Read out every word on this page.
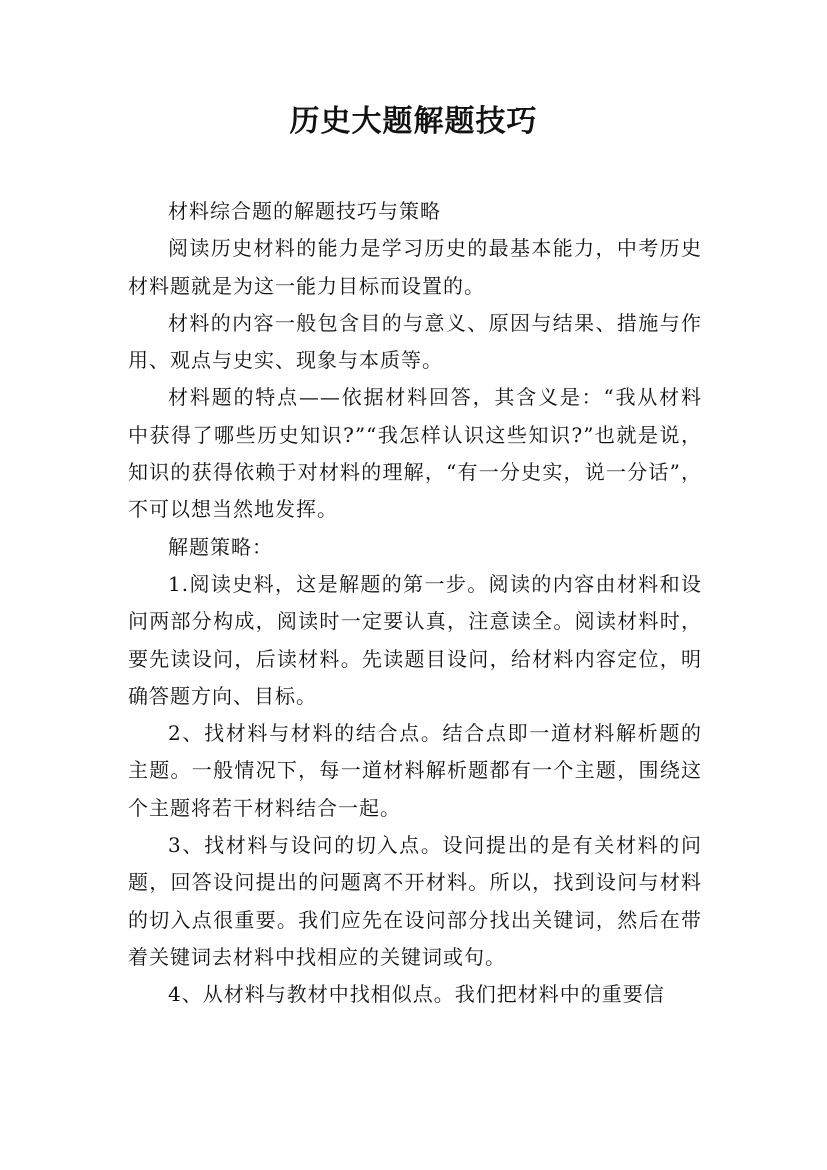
历史大题解题技巧

材料综合题的解题技巧与策略

阅读历史材料的能力是学习历史的最基本能力，中考历史材料题就是为这一能力目标而设置的。

材料的内容一般包含目的与意义、原因与结果、措施与作用、观点与史实、现象与本质等。

材料题的特点——依据材料回答，其含义是：“我从材料中获得了哪些历史知识?”“我怎样认识这些知识?”也就是说，知识的获得依赖于对材料的理解，“有一分史实，说一分话”，不可以想当然地发挥。

解题策略：

1.阅读史料，这是解题的第一步。阅读的内容由材料和设问两部分构成，阅读时一定要认真，注意读全。阅读材料时，要先读设问，后读材料。先读题目设问，给材料内容定位，明确答题方向、目标。

2、找材料与材料的结合点。结合点即一道材料解析题的主题。一般情况下，每一道材料解析题都有一个主题，围绕这个主题将若干材料结合一起。

3、找材料与设问的切入点。设问提出的是有关材料的问题，回答设问提出的问题离不开材料。所以，找到设问与材料的切入点很重要。我们应先在设问部分找出关键词，然后在带着关键词去材料中找相应的关键词或句。

4、从材料与教材中找相似点。我们把材料中的重要信
